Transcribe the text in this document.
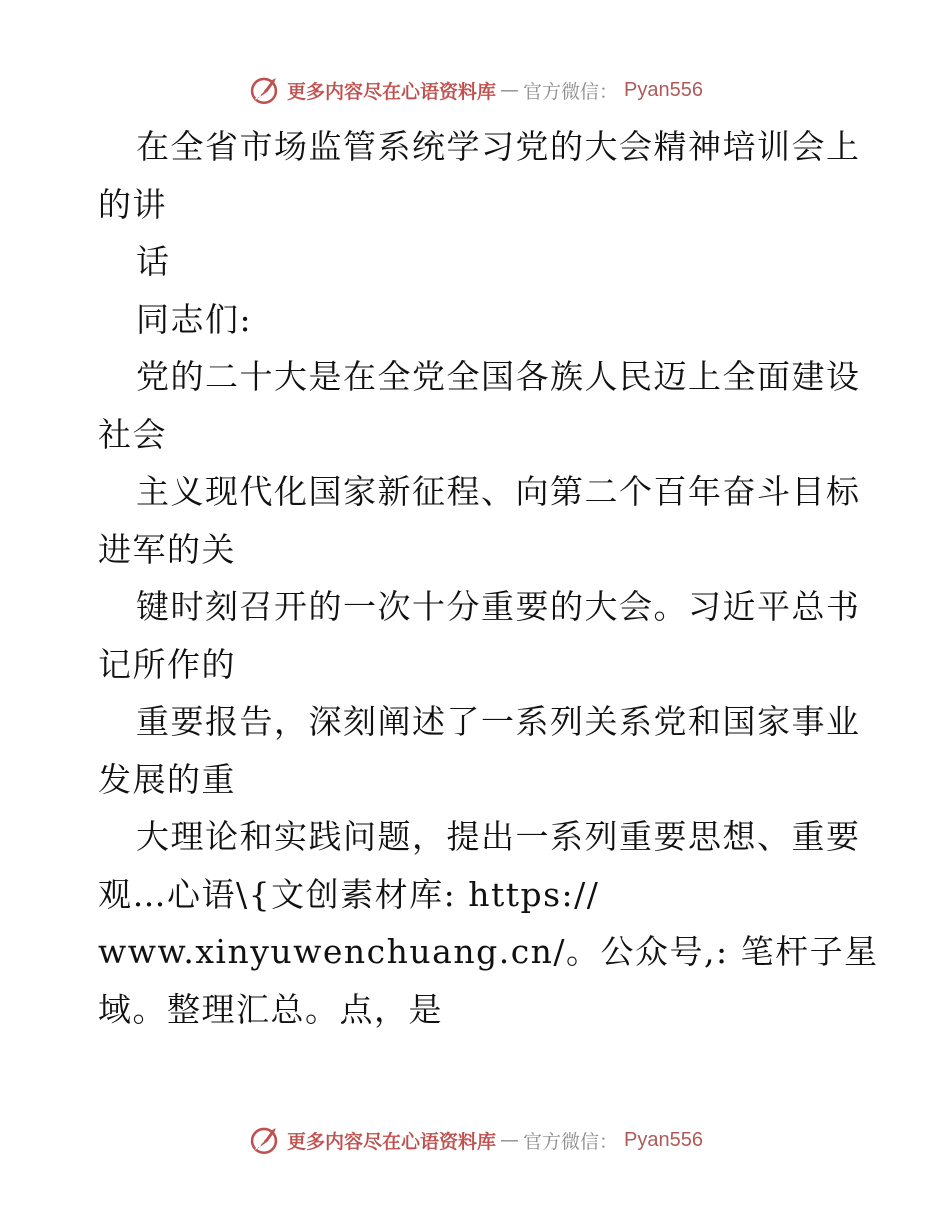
更多内容尽在心语资料库 — 官方微信： Pyan556
在全省市场监管系统学习党的大会精神培训会上
的讲
话
同志们:
党的二十大是在全党全国各族人民迈上全面建设
社会
主义现代化国家新征程、向第二个百年奋斗目标
进军的关
键时刻召开的一次十分重要的大会。习近平总书
记所作的
重要报告，深刻阐述了一系列关系党和国家事业
发展的重
大理论和实践问题，提出一系列重要思想、重要
观…心语\{文创素材库: https://
www.xinyuwenchuang.cn/。公众号,: 笔杆子星
域。整理汇总。点，是
更多内容尽在心语资料库 — 官方微信： Pyan556
